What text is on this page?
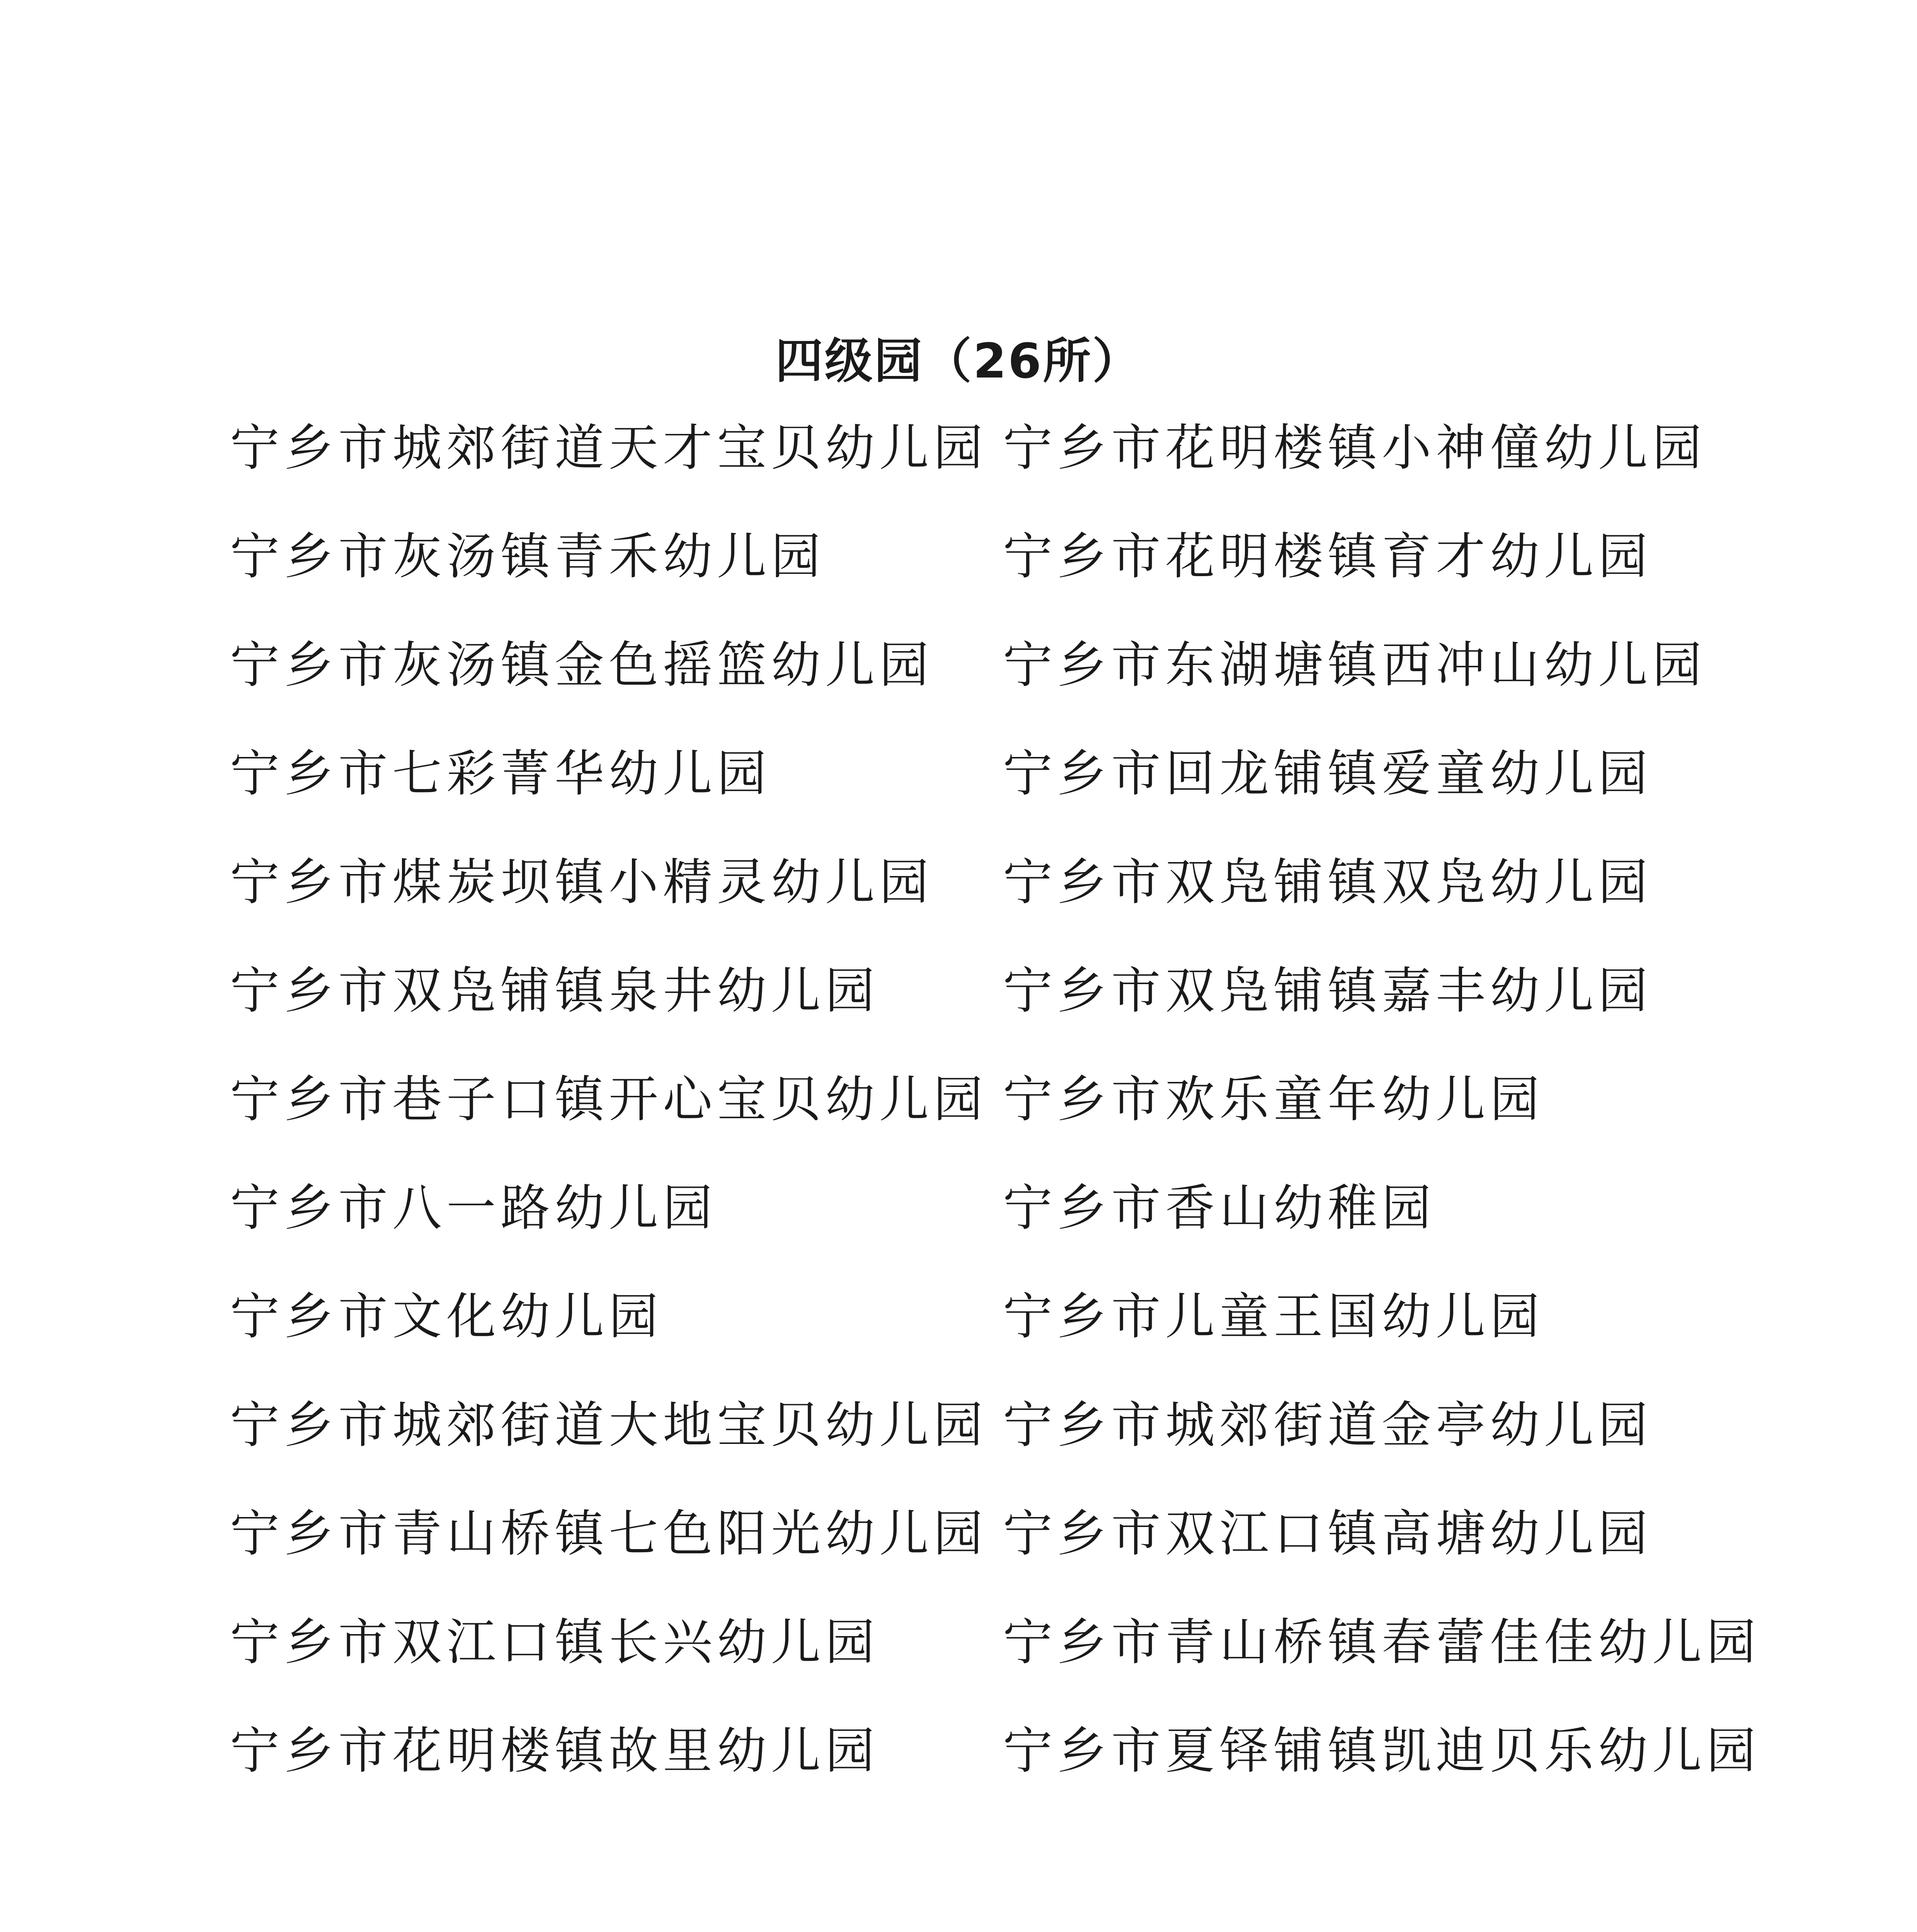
四级园（26所）
宁乡市城郊街道天才宝贝幼儿园 宁乡市花明楼镇小神僮幼儿园
宁乡市灰汤镇青禾幼儿园	宁乡市花明楼镇育才幼儿园
宁乡市灰汤镇金色摇篮幼儿园	宁乡市东湖塘镇西冲山幼儿园
宁乡市七彩菁华幼儿园	宁乡市回龙铺镇爱童幼儿园
宁乡市煤炭坝镇小精灵幼儿园	宁乡市双凫铺镇双凫幼儿园
宁乡市双凫铺镇泉井幼儿园	宁乡市双凫铺镇嘉丰幼儿园
宁乡市巷子口镇开心宝贝幼儿园 宁乡市欢乐童年幼儿园
宁乡市八一路幼儿园	宁乡市香山幼稚园
宁乡市文化幼儿园	宁乡市儿童王国幼儿园
宁乡市城郊街道大地宝贝幼儿园 宁乡市城郊街道金亭幼儿园
宁乡市青山桥镇七色阳光幼儿园 宁乡市双江口镇高塘幼儿园
宁乡市双江口镇长兴幼儿园	宁乡市青山桥镇春蕾佳佳幼儿园
宁乡市花明楼镇故里幼儿园	宁乡市夏铎铺镇凯迪贝乐幼儿园
